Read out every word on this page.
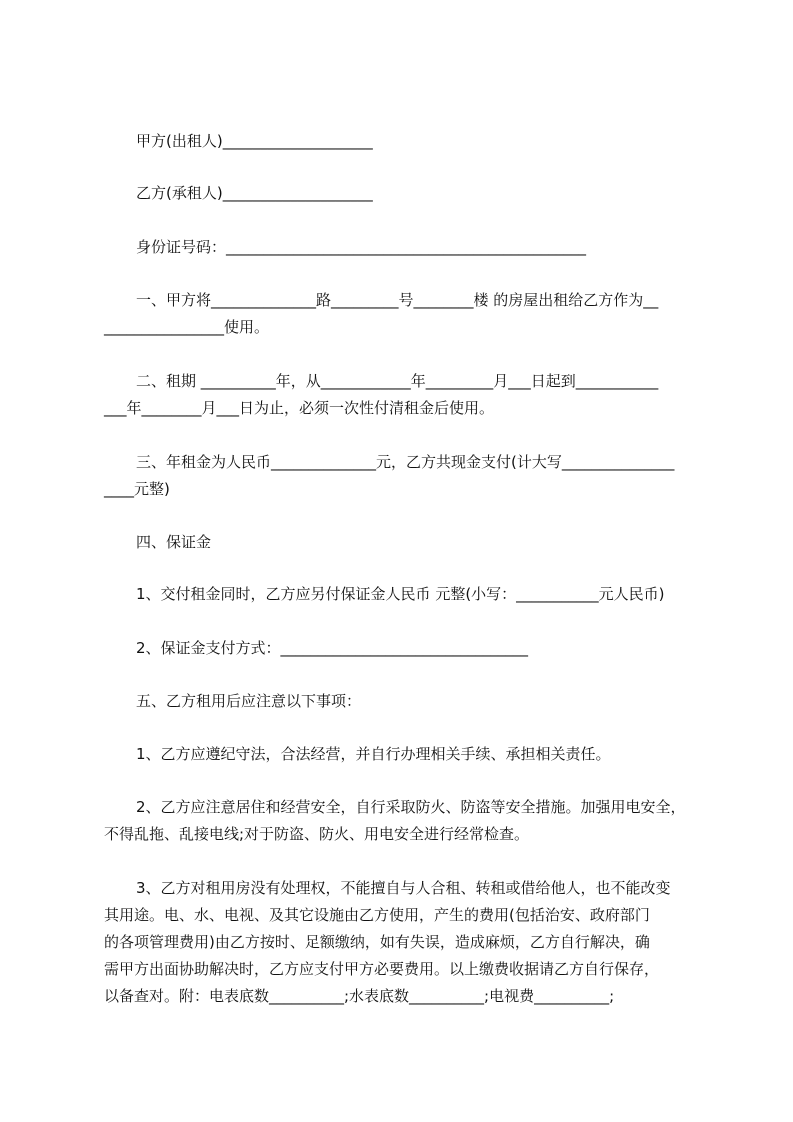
甲方(出租人)____________________
乙方(承租人)____________________
身份证号码：________________________________________________
一、甲方将______________路_________号________楼 的房屋出租给乙方作为__
________________使用。
二、租期 __________年，从____________年_________月___日起到___________
___年________月___日为止，必须一次性付清租金后使用。
三、年租金为人民币______________元，乙方共现金支付(计大写_______________
____元整)
四、保证金
1、交付租金同时，乙方应另付保证金人民币 元整(小写：___________元人民币)
2、保证金支付方式：_________________________________
五、乙方租用后应注意以下事项：
1、乙方应遵纪守法，合法经营，并自行办理相关手续、承担相关责任。
2、乙方应注意居住和经营安全，自行采取防火、防盗等安全措施。加强用电安全，
不得乱拖、乱接电线;对于防盗、防火、用电安全进行经常检查。
3、乙方对租用房没有处理权，不能擅自与人合租、转租或借给他人，也不能改变
其用途。电、水、电视、及其它设施由乙方使用，产生的费用(包括治安、政府部门
的各项管理费用)由乙方按时、足额缴纳，如有失误，造成麻烦，乙方自行解决，确
需甲方出面协助解决时，乙方应支付甲方必要费用。以上缴费收据请乙方自行保存，
以备查对。附：电表底数__________;水表底数__________;电视费__________;
